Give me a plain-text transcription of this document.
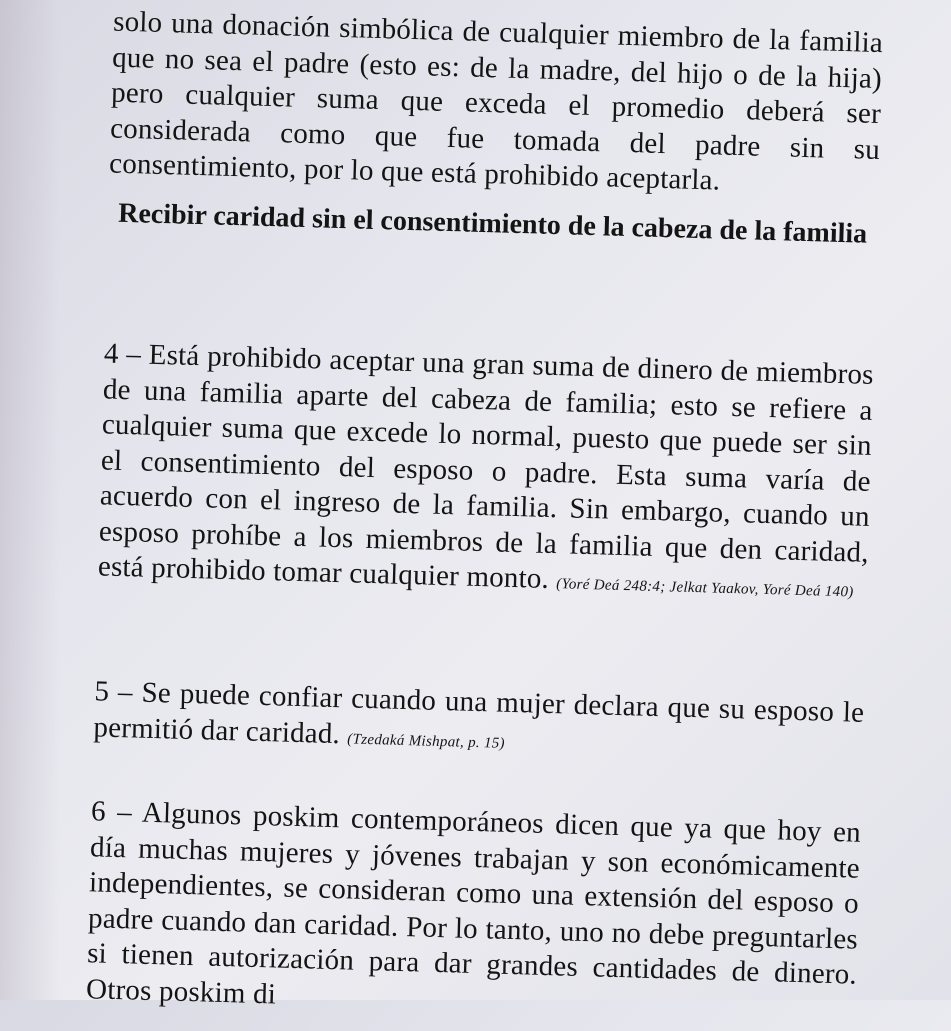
solo una donación simbólica de cualquier miembro de la familia que no sea el padre (esto es: de la madre, del hijo o de la hija) pero cualquier suma que exceda el promedio deberá ser considerada como que fue tomada del padre sin su consentimiento, por lo que está prohibido aceptarla.

Recibir caridad sin el consentimiento de la cabeza de la familia

4 – Está prohibido aceptar una gran suma de dinero de miembros de una familia aparte del cabeza de familia; esto se refiere a cualquier suma que excede lo normal, puesto que puede ser sin el consentimiento del esposo o padre. Esta suma varía de acuerdo con el ingreso de la familia. Sin embargo, cuando un esposo prohíbe a los miembros de la familia que den caridad, está prohibido tomar cualquier monto. (Yoré Deá 248:4; Jelkat Yaakov, Yoré Deá 140)

5 – Se puede confiar cuando una mujer declara que su esposo le permitió dar caridad. (Tzedaká Mishpat, p. 15)

6 – Algunos poskim contemporáneos dicen que ya que hoy en día muchas mujeres y jóvenes trabajan y son económicamente independientes, se consideran como una extensión del esposo o padre cuando dan caridad. Por lo tanto, uno no debe preguntarles si tienen autorización para dar grandes cantidades de dinero. Otros poskim di
